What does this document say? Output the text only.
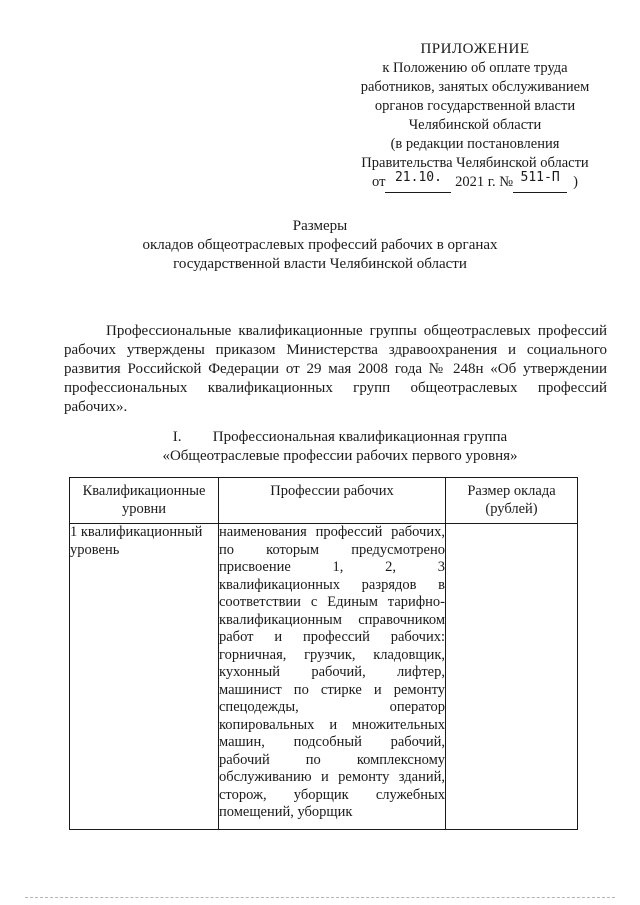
ПРИЛОЖЕНИЕ
к Положению об оплате труда
работников, занятых обслуживанием
органов государственной власти
Челябинской области
(в редакции постановления
Правительства Челябинской области
от 21.10. 2021 г. № 511-П )
Размеры
окладов общеотраслевых профессий рабочих в органах
государственной власти Челябинской области
Профессиональные квалификационные группы общеотраслевых профессий рабочих утверждены приказом Министерства здравоохранения и социального развития Российской Федерации от 29 мая 2008 года № 248н «Об утверждении профессиональных квалификационных групп общеотраслевых профессий рабочих».
I. Профессиональная квалификационная группа
«Общеотраслевые профессии рабочих первого уровня»
Квалификационные уровни	Профессии рабочих	Размер оклада (рублей)
1 квалификационный уровень	наименования профессий рабочих, по которым предусмотрено присвоение 1, 2, 3 квалификационных разрядов в соответствии с Единым тарифно-квалификационным справочником работ и профессий рабочих: горничная, грузчик, кладовщик, кухонный рабочий, лифтер, машинист по стирке и ремонту спецодежды, оператор копировальных и множительных машин, подсобный рабочий, рабочий по комплексному обслуживанию и ремонту зданий, сторож, уборщик служебных помещений, уборщик	
